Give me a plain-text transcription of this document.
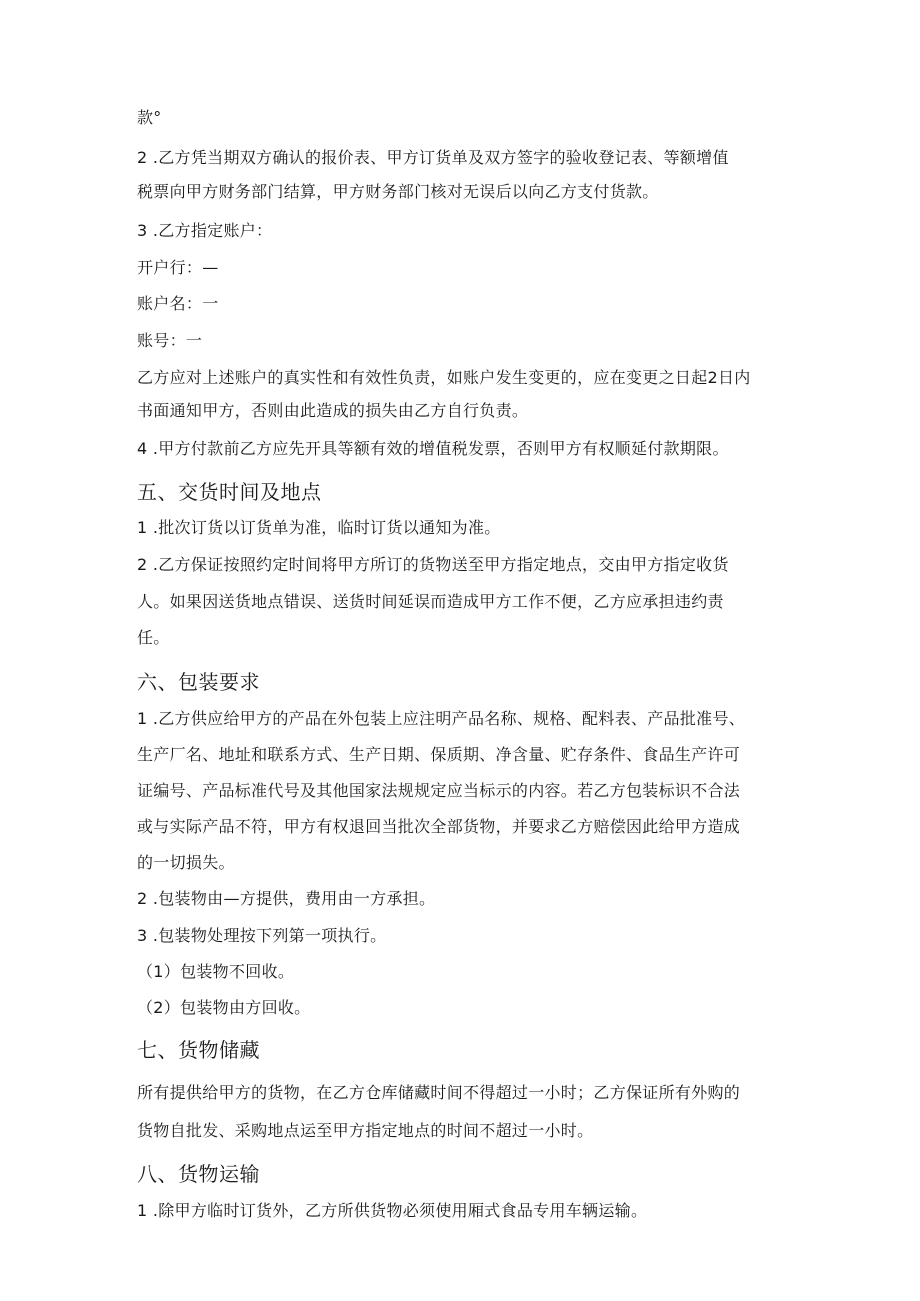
款°
2 .乙方凭当期双方确认的报价表、甲方订货单及双方签字的验收登记表、等额增值
税票向甲方财务部门结算，甲方财务部门核对无误后以向乙方支付货款。
3 .乙方指定账户：
开户行：—
账户名：一
账号：一
乙方应对上述账户的真实性和有效性负责，如账户发生变更的，应在变更之日起2日内
书面通知甲方，否则由此造成的损失由乙方自行负责。
4 .甲方付款前乙方应先开具等额有效的增值税发票，否则甲方有权顺延付款期限。
五、交货时间及地点
1 .批次订货以订货单为准，临时订货以通知为准。
2 .乙方保证按照约定时间将甲方所订的货物送至甲方指定地点，交由甲方指定收货
人。如果因送货地点错误、送货时间延误而造成甲方工作不便，乙方应承担违约责
任。
六、包装要求
1 .乙方供应给甲方的产品在外包装上应注明产品名称、规格、配料表、产品批准号、
生产厂名、地址和联系方式、生产日期、保质期、净含量、贮存条件、食品生产许可
证编号、产品标准代号及其他国家法规规定应当标示的内容。若乙方包装标识不合法
或与实际产品不符，甲方有权退回当批次全部货物，并要求乙方赔偿因此给甲方造成
的一切损失。
2 .包装物由—方提供，费用由一方承担。
3 .包装物处理按下列第一项执行。
（1）包装物不回收。
（2）包装物由方回收。
七、货物储藏
所有提供给甲方的货物，在乙方仓库储藏时间不得超过一小时；乙方保证所有外购的
货物自批发、采购地点运至甲方指定地点的时间不超过一小时。
八、货物运输
1 .除甲方临时订货外，乙方所供货物必须使用厢式食品专用车辆运输。
